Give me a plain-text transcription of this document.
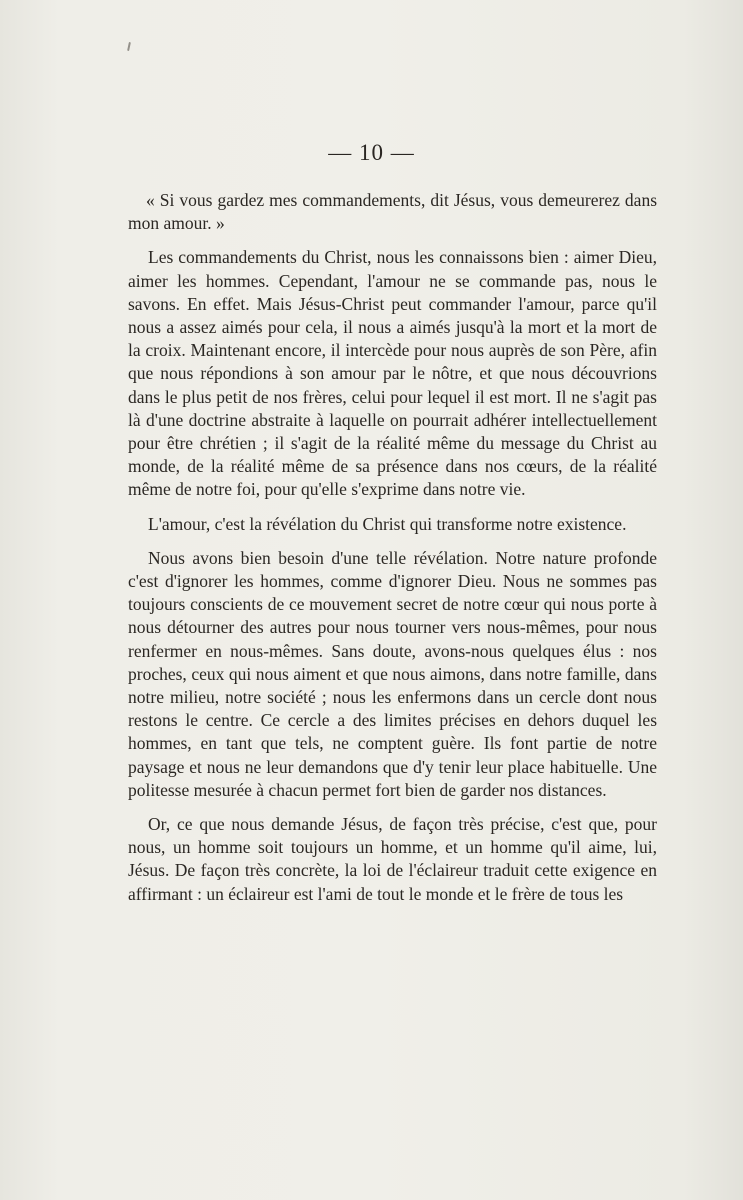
— 10 —

« Si vous gardez mes commandements, dit Jésus, vous demeurerez dans mon amour. »

Les commandements du Christ, nous les connaissons bien : aimer Dieu, aimer les hommes. Cependant, l'amour ne se commande pas, nous le savons. En effet. Mais Jésus-Christ peut commander l'amour, parce qu'il nous a assez aimés pour cela, il nous a aimés jusqu'à la mort et la mort de la croix. Maintenant encore, il intercède pour nous auprès de son Père, afin que nous répondions à son amour par le nôtre, et que nous découvrions dans le plus petit de nos frères, celui pour lequel il est mort. Il ne s'agit pas là d'une doctrine abstraite à laquelle on pourrait adhérer intellectuellement pour être chrétien ; il s'agit de la réalité même du message du Christ au monde, de la réalité même de sa présence dans nos cœurs, de la réalité même de notre foi, pour qu'elle s'exprime dans notre vie.

L'amour, c'est la révélation du Christ qui transforme notre existence.

Nous avons bien besoin d'une telle révélation. Notre nature profonde c'est d'ignorer les hommes, comme d'ignorer Dieu. Nous ne sommes pas toujours conscients de ce mouvement secret de notre cœur qui nous porte à nous détourner des autres pour nous tourner vers nous-mêmes, pour nous renfermer en nous-mêmes. Sans doute, avons-nous quelques élus : nos proches, ceux qui nous aiment et que nous aimons, dans notre famille, dans notre milieu, notre société ; nous les enfermons dans un cercle dont nous restons le centre. Ce cercle a des limites précises en dehors duquel les hommes, en tant que tels, ne comptent guère. Ils font partie de notre paysage et nous ne leur demandons que d'y tenir leur place habituelle. Une politesse mesurée à chacun permet fort bien de garder nos distances.

Or, ce que nous demande Jésus, de façon très précise, c'est que, pour nous, un homme soit toujours un homme, et un homme qu'il aime, lui, Jésus. De façon très concrète, la loi de l'éclaireur traduit cette exigence en affirmant : un éclaireur est l'ami de tout le monde et le frère de tous les
